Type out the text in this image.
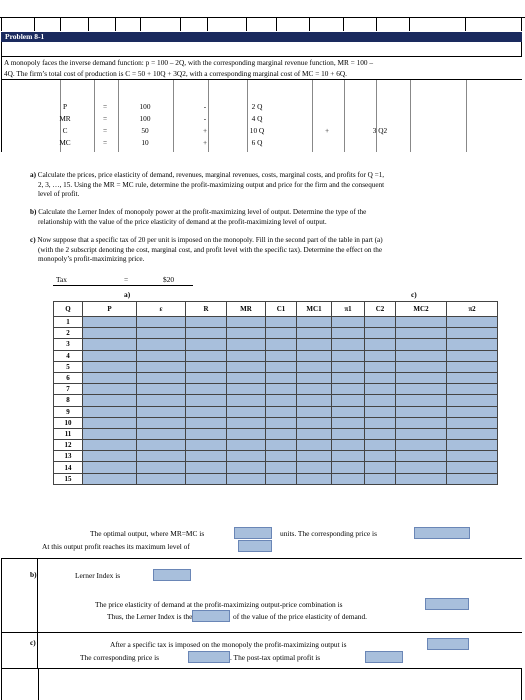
Problem 8-1
A monopoly faces the inverse demand function: p = 100 – 2Q, with the corresponding marginal revenue function, MR = 100 –
4Q. The firm’s total cost of production is C = 50 + 10Q + 3Q2, with a corresponding marginal cost of MC = 10 + 6Q.
P	=	100	-	2 Q
MR	=	100	-	4 Q
C	=	50	+	10 Q	+	3 Q2
MC	=	10	+	6 Q
a) Calculate the prices, price elasticity of demand, revenues, marginal revenues, costs, marginal costs, and profits for Q =1,
2, 3, …, 15. Using the MR = MC rule, determine the profit-maximizing output and price for the firm and the consequent
level of profit.
b) Calculate the Lerner Index of monopoly power at the profit-maximizing level of output. Determine the type of the
relationship with the value of the price elasticity of demand at the profit-maximizing level of output.
c) Now suppose that a specific tax of 20 per unit is imposed on the monopoly. Fill in the second part of the table in part (a)
(with the 2 subscript denoting the cost, marginal cost, and profit level with the specific tax). Determine the effect on the
monopoly’s profit-maximizing price.
Tax	=	$20
a)	c)
Q	P	ε	R	MR	C1	MC1	π1	C2	MC2	π2
1										
2										
3										
4										
5										
6										
7										
8										
9										
10										
11										
12										
13										
14										
15										

The optimal output, where MR=MC is	units. The corresponding price is
At this output profit reaches its maximum level of
b)	Lerner Index is
The price elasticity of demand at the profit-maximizing output-price combination is
Thus, the Lerner Index is the	of the value of the price elasticity of demand.
c)	After a specific tax is imposed on the monopoly the profit-maximizing output is
The corresponding price is	. The post-tax optimal profit is
